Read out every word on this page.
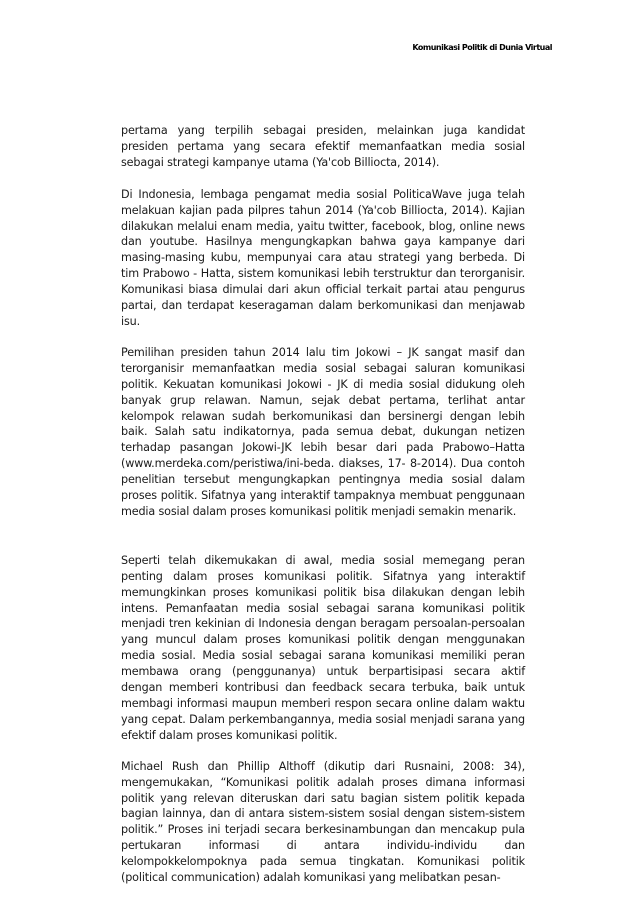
Komunikasi Politik di Dunia Virtual

pertama yang terpilih sebagai presiden, melainkan juga kandidat presiden pertama yang secara efektif memanfaatkan media sosial sebagai strategi kampanye utama (Ya'cob Billiocta, 2014).

Di Indonesia, lembaga pengamat media sosial PoliticaWave juga telah melakuan kajian pada pilpres tahun 2014 (Ya'cob Billiocta, 2014). Kajian dilakukan melalui enam media, yaitu twitter, facebook, blog, online news dan youtube. Hasilnya mengungkapkan bahwa gaya kampanye dari masing-masing kubu, mempunyai cara atau strategi yang berbeda. Di tim Prabowo - Hatta, sistem komunikasi lebih terstruktur dan terorganisir. Komunikasi biasa dimulai dari akun official terkait partai atau pengurus partai, dan terdapat keseragaman dalam berkomunikasi dan menjawab isu.

Pemilihan presiden tahun 2014 lalu tim Jokowi – JK sangat masif dan terorganisir memanfaatkan media sosial sebagai saluran komunikasi politik. Kekuatan komunikasi Jokowi - JK di media sosial didukung oleh banyak grup relawan. Namun, sejak debat pertama, terlihat antar kelompok relawan sudah berkomunikasi dan bersinergi dengan lebih baik. Salah satu indikatornya, pada semua debat, dukungan netizen terhadap pasangan Jokowi-JK lebih besar dari pada Prabowo–Hatta (www.merdeka.com/peristiwa/ini-beda. diakses, 17- 8-2014). Dua contoh penelitian tersebut mengungkapkan pentingnya media sosial dalam proses politik. Sifatnya yang interaktif tampaknya membuat penggunaan media sosial dalam proses komunikasi politik menjadi semakin menarik.

Seperti telah dikemukakan di awal, media sosial memegang peran penting dalam proses komunikasi politik. Sifatnya yang interaktif memungkinkan proses komunikasi politik bisa dilakukan dengan lebih intens. Pemanfaatan media sosial sebagai sarana komunikasi politik menjadi tren kekinian di Indonesia dengan beragam persoalan-persoalan yang muncul dalam proses komunikasi politik dengan menggunakan media sosial. Media sosial sebagai sarana komunikasi memiliki peran membawa orang (penggunanya) untuk berpartisipasi secara aktif dengan memberi kontribusi dan feedback secara terbuka, baik untuk membagi informasi maupun memberi respon secara online dalam waktu yang cepat. Dalam perkembangannya, media sosial menjadi sarana yang efektif dalam proses komunikasi politik.

Michael Rush dan Phillip Althoff (dikutip dari Rusnaini, 2008: 34), mengemukakan, “Komunikasi politik adalah proses dimana informasi politik yang relevan diteruskan dari satu bagian sistem politik kepada bagian lainnya, dan di antara sistem-sistem sosial dengan sistem-sistem politik.” Proses ini terjadi secara berkesinambungan dan mencakup pula pertukaran informasi di antara individu-individu dan kelompokkelompoknya pada semua tingkatan. Komunikasi politik (political communication) adalah komunikasi yang melibatkan pesan-
